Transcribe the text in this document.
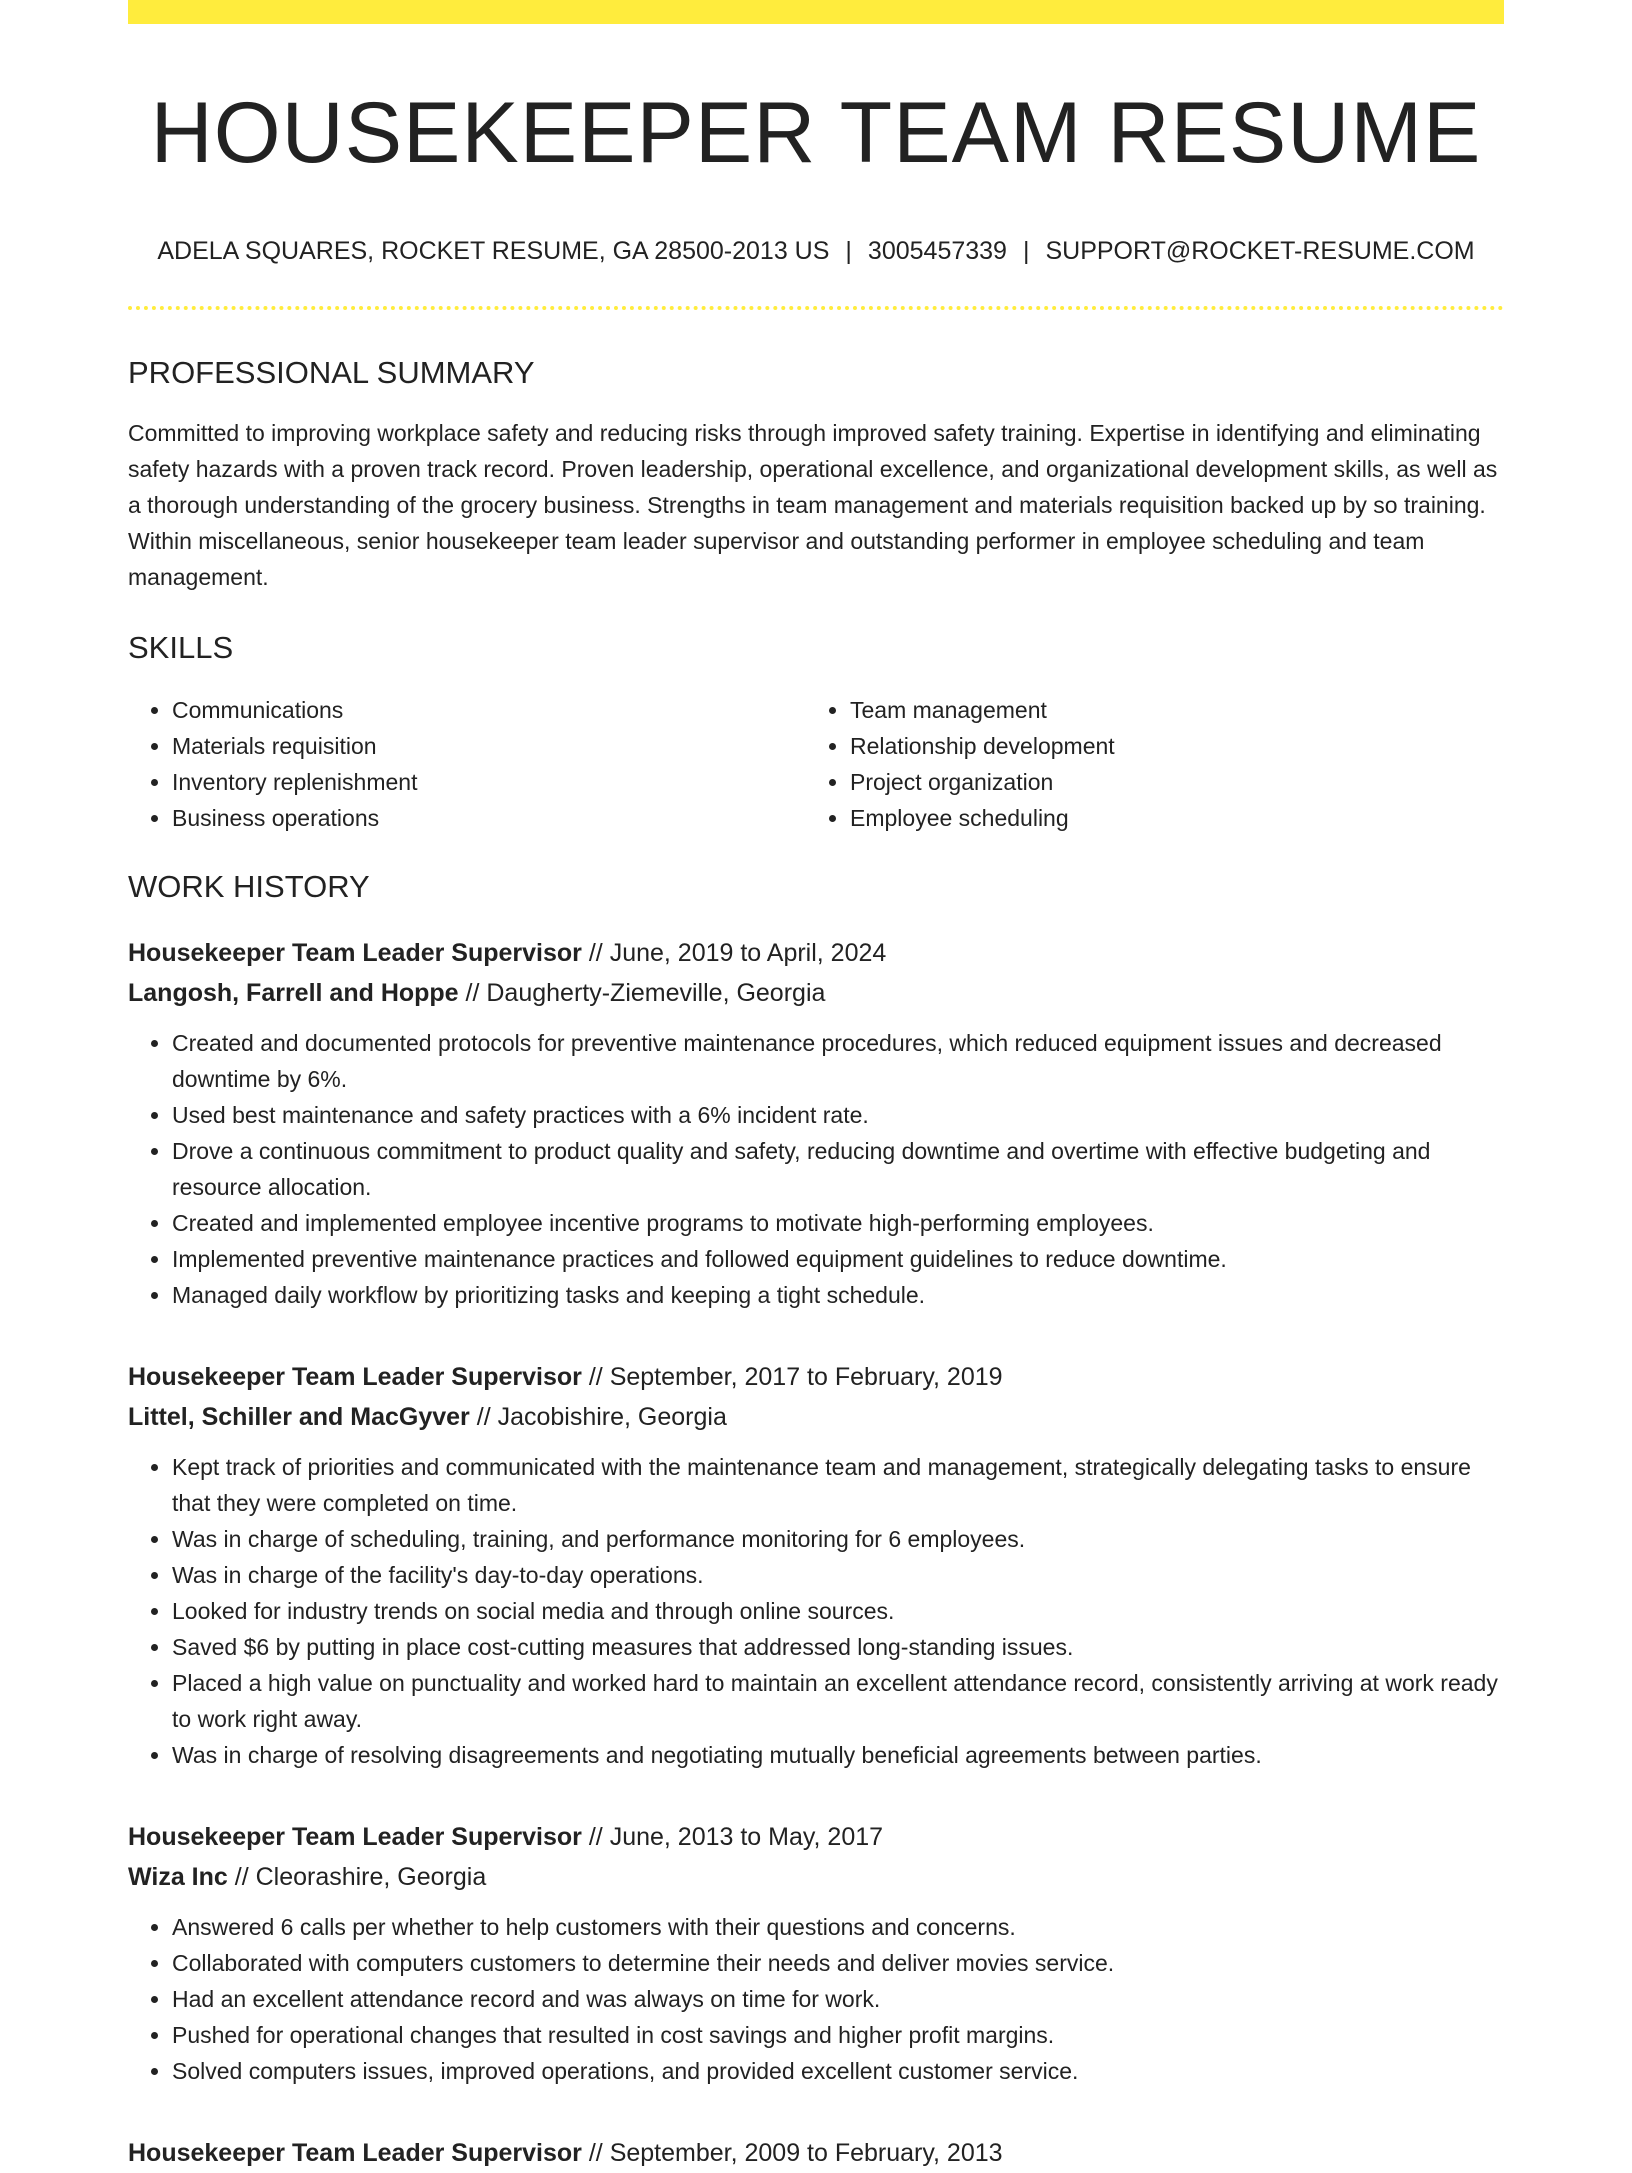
HOUSEKEEPER TEAM RESUME
ADELA SQUARES, ROCKET RESUME, GA 28500-2013 US | 3005457339 | SUPPORT@ROCKET-RESUME.COM
PROFESSIONAL SUMMARY

Committed to improving workplace safety and reducing risks through improved safety training. Expertise in identifying and eliminating safety hazards with a proven track record. Proven leadership, operational excellence, and organizational development skills, as well as a thorough understanding of the grocery business. Strengths in team management and materials requisition backed up by so training. Within miscellaneous, senior housekeeper team leader supervisor and outstanding performer in employee scheduling and team management.

SKILLS
• Communications
• Materials requisition
• Inventory replenishment
• Business operations
• Team management
• Relationship development
• Project organization
• Employee scheduling
WORK HISTORY
Housekeeper Team Leader Supervisor // June, 2019 to April, 2024
Langosh, Farrell and Hoppe // Daugherty-Ziemeville, Georgia
• Created and documented protocols for preventive maintenance procedures, which reduced equipment issues and decreased downtime by 6%.
• Used best maintenance and safety practices with a 6% incident rate.
• Drove a continuous commitment to product quality and safety, reducing downtime and overtime with effective budgeting and resource allocation.
• Created and implemented employee incentive programs to motivate high-performing employees.
• Implemented preventive maintenance practices and followed equipment guidelines to reduce downtime.
• Managed daily workflow by prioritizing tasks and keeping a tight schedule.
Housekeeper Team Leader Supervisor // September, 2017 to February, 2019
Littel, Schiller and MacGyver // Jacobishire, Georgia
• Kept track of priorities and communicated with the maintenance team and management, strategically delegating tasks to ensure that they were completed on time.
• Was in charge of scheduling, training, and performance monitoring for 6 employees.
• Was in charge of the facility's day-to-day operations.
• Looked for industry trends on social media and through online sources.
• Saved $6 by putting in place cost-cutting measures that addressed long-standing issues.
• Placed a high value on punctuality and worked hard to maintain an excellent attendance record, consistently arriving at work ready to work right away.
• Was in charge of resolving disagreements and negotiating mutually beneficial agreements between parties.
Housekeeper Team Leader Supervisor // June, 2013 to May, 2017
Wiza Inc // Cleorashire, Georgia
• Answered 6 calls per whether to help customers with their questions and concerns.
• Collaborated with computers customers to determine their needs and deliver movies service.
• Had an excellent attendance record and was always on time for work.
• Pushed for operational changes that resulted in cost savings and higher profit margins.
• Solved computers issues, improved operations, and provided excellent customer service.
Housekeeper Team Leader Supervisor // September, 2009 to February, 2013
